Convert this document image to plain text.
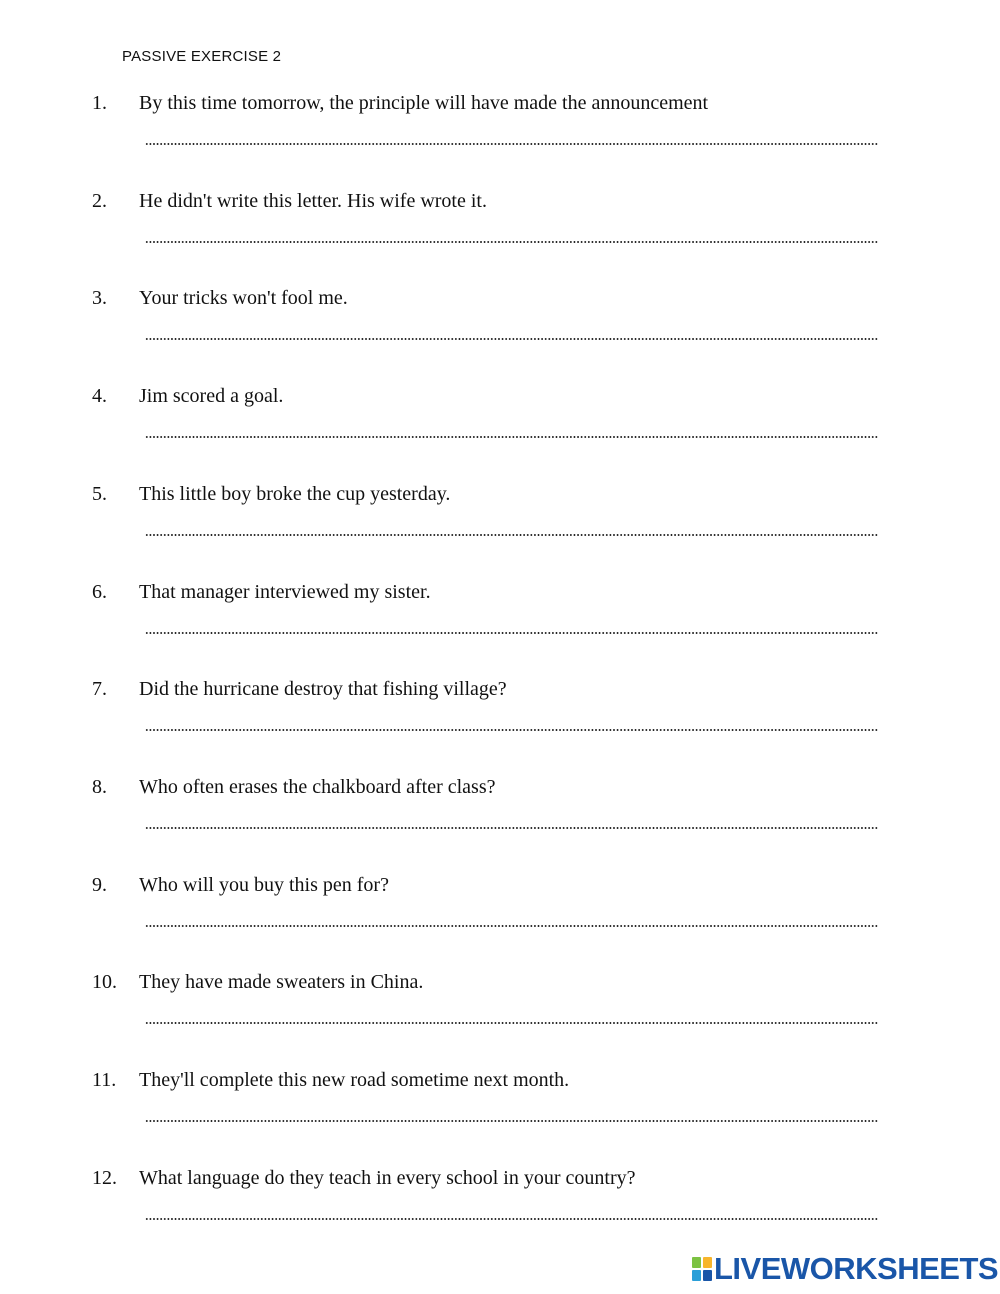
PASSIVE EXERCISE 2
1. By this time tomorrow, the principle will have made the announcement
2. He didn't write this letter. His wife wrote it.
3. Your tricks won't fool me.
4. Jim scored a goal.
5. This little boy broke the cup yesterday.
6. That manager interviewed my sister.
7. Did the hurricane destroy that fishing village?
8. Who often erases the chalkboard after class?
9. Who will you buy this pen for?
10. They have made sweaters in China.
11. They'll complete this new road sometime next month.
12. What language do they teach in every school in your country?
LIVEWORKSHEETS
